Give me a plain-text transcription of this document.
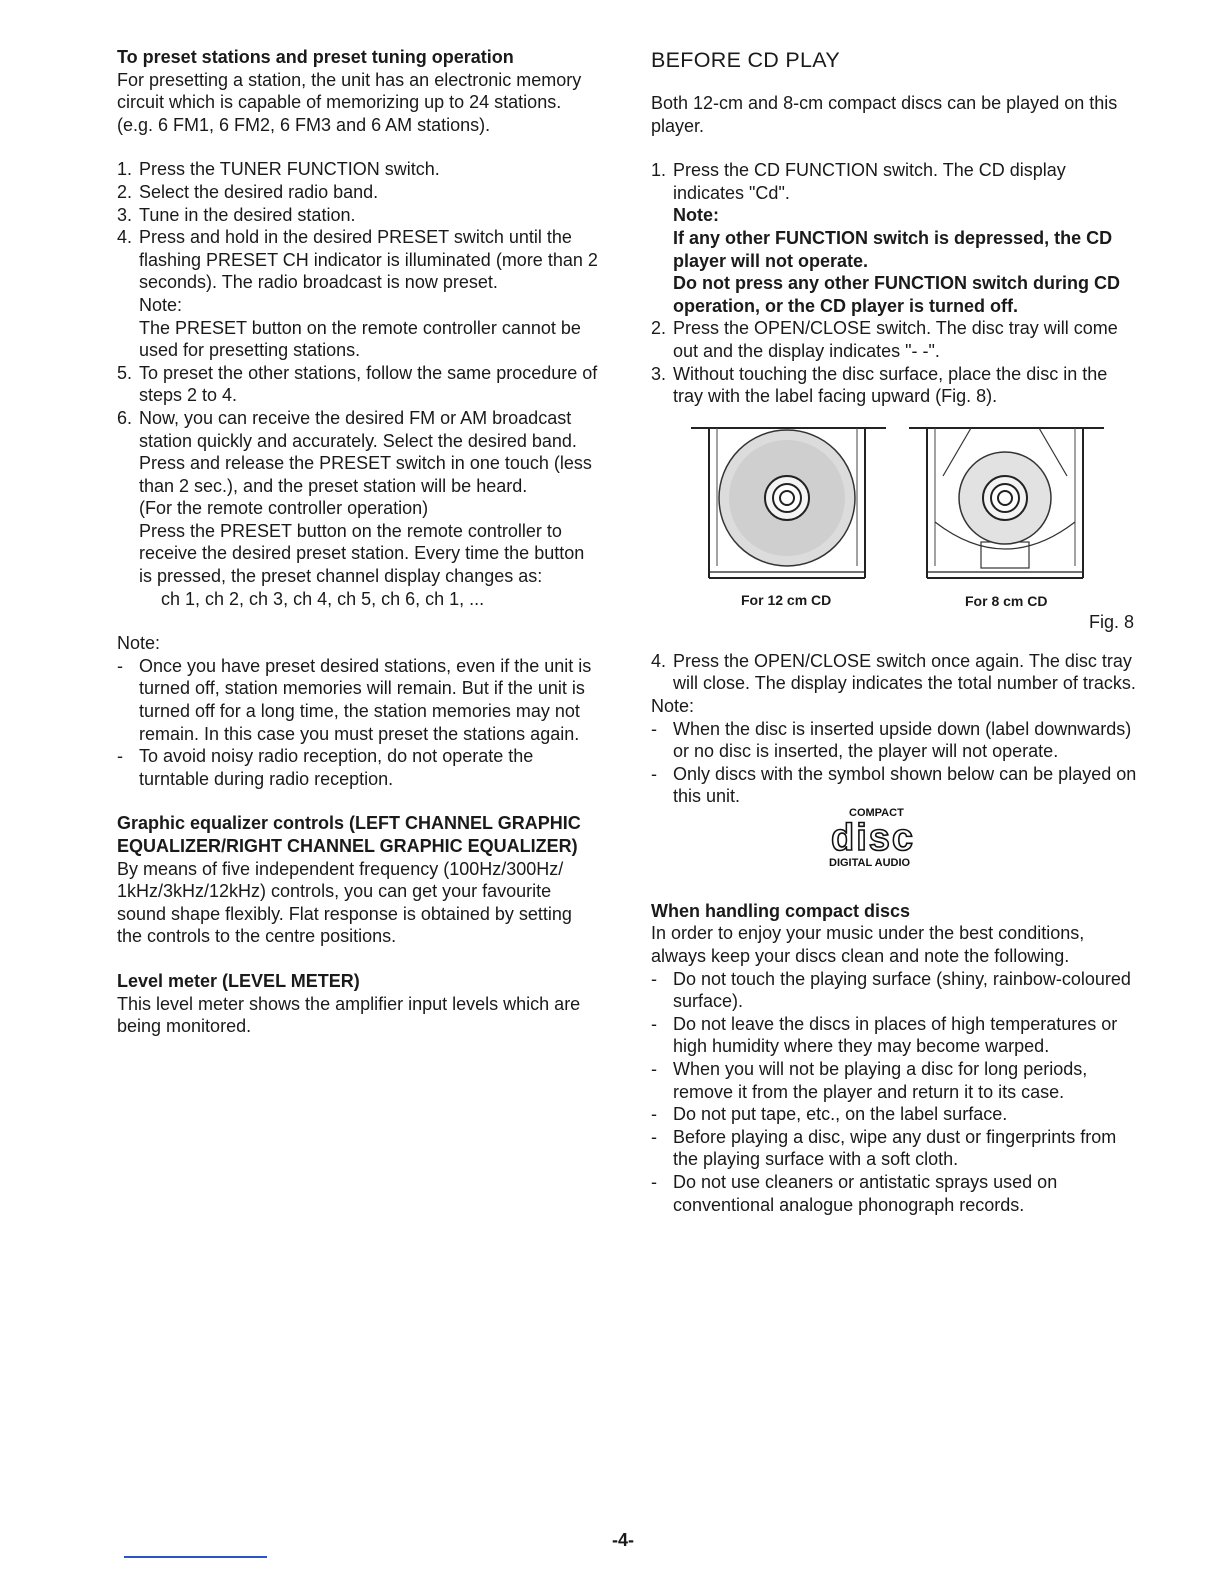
To preset stations and preset tuning operation

For presetting a station, the unit has an electronic memory circuit which is capable of memorizing up to 24 stations. (e.g. 6 FM1, 6 FM2, 6 FM3 and 6 AM stations).

1. Press the TUNER FUNCTION switch.
2. Select the desired radio band.
3. Tune in the desired station.
4. Press and hold in the desired PRESET switch until the flashing PRESET CH indicator is illuminated (more than 2 seconds). The radio broadcast is now preset.

Note:

The PRESET button on the remote controller cannot be used for presetting stations.

5. To preset the other stations, follow the same procedure of steps 2 to 4.
6. Now, you can receive the desired FM or AM broadcast station quickly and accurately. Select the desired band. Press and release the PRESET switch in one touch (less than 2 sec.), and the preset station will be heard.

(For the remote controller operation)

Press the PRESET button on the remote controller to receive the desired preset station. Every time the button is pressed, the preset channel display changes as:

ch 1, ch 2, ch 3, ch 4, ch 5, ch 6, ch 1, ...

Note:

- Once you have preset desired stations, even if the unit is turned off, station memories will remain. But if the unit is turned off for a long time, the station memories may not remain. In this case you must preset the stations again.
- To avoid noisy radio reception, do not operate the turntable during radio reception.

Graphic equalizer controls (LEFT CHANNEL GRAPHIC EQUALIZER/RIGHT CHANNEL GRAPHIC EQUALIZER)

By means of five independent frequency (100Hz/300Hz/ 1kHz/3kHz/12kHz) controls, you can get your favourite sound shape flexibly. Flat response is obtained by setting the controls to the centre positions.

Level meter (LEVEL METER)

This level meter shows the amplifier input levels which are being monitored.

BEFORE CD PLAY

Both 12-cm and 8-cm compact discs can be played on this player.

1. Press the CD FUNCTION switch. The CD display indicates "Cd".

Note:

If any other FUNCTION switch is depressed, the CD player will not operate.

Do not press any other FUNCTION switch during CD operation, or the CD player is turned off.

2. Press the OPEN/CLOSE switch. The disc tray will come out and the display indicates "- -".
3. Without touching the disc surface, place the disc in the tray with the label facing upward (Fig. 8).
For 12 cm CD	For 8 cm CD
Fig. 8
4. Press the OPEN/CLOSE switch once again. The disc tray will close. The display indicates the total number of tracks.

Note:

- When the disc is inserted upside down (label downwards) or no disc is inserted, the player will not operate.
- Only discs with the symbol shown below can be played on this unit.
COMPACT
disc
DIGITAL AUDIO

When handling compact discs

In order to enjoy your music under the best conditions, always keep your discs clean and note the following.

- Do not touch the playing surface (shiny, rainbow-coloured surface).
- Do not leave the discs in places of high temperatures or high humidity where they may become warped.
- When you will not be playing a disc for long periods, remove it from the player and return it to its case.
- Do not put tape, etc., on the label surface.
- Before playing a disc, wipe any dust or fingerprints from the playing surface with a soft cloth.
- Do not use cleaners or antistatic sprays used on conventional analogue phonograph records.
-4-
